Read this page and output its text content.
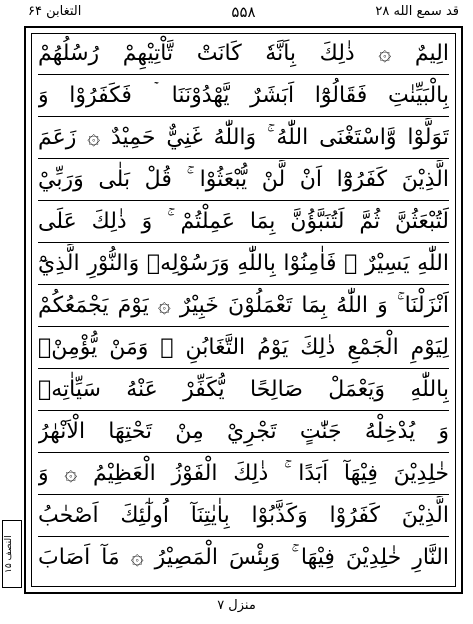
التغابن ۶۴	۵۵۸	قد سمع الله ۲۸
الِيمٌ ۞ ذٰلِكَ بِاَنَّهٗ كَانَتْ تَّاْتِيْهِمْ رُسُلُهُمْ
بِالْبَيِّنٰتِ فَقَالُوْٓا اَبَشَرٌ يَّهْدُوْنَنَا ۡ فَكَفَرُوْا وَ
تَوَلَّوْا وَّاسْتَغْنَى اللّٰهُ ۚ وَاللّٰهُ غَنِيٌّ حَمِيْدٌ ۞ زَعَمَ
الَّذِيْنَ كَفَرُوْٓا اَنْ لَّنْ يُّبْعَثُوْا ۚ قُلْ بَلٰى وَرَبِّيْ
لَتُبْعَثُنَّ ثُمَّ لَتُنَبَّؤُنَّ بِمَا عَمِلْتُمْ ۚ وَ ذٰلِكَ عَلَى
اللّٰهِ يَسِيْرٌ ۞ فَاٰمِنُوْا بِاللّٰهِ وَرَسُوْلِهٖ وَالنُّوْرِ الَّذِيْٓ
اَنْزَلْنَا ۚ وَ اللّٰهُ بِمَا تَعْمَلُوْنَ خَبِيْرٌ ۞ يَوْمَ يَجْمَعُكُمْ
لِيَوْمِ الْجَمْعِ ذٰلِكَ يَوْمُ التَّغَابُنِ ۚ وَمَنْ يُّؤْمِنْۢ
بِاللّٰهِ وَيَعْمَلْ صَالِحًا يُّكَفِّرْ عَنْهُ سَيِّاٰتِهٖ
وَ يُدْخِلْهُ جَنّٰتٍ تَجْرِيْ مِنْ تَحْتِهَا الْاَنْهٰرُ
خٰلِدِيْنَ فِيْهَآ اَبَدًا ۚ ذٰلِكَ الْفَوْزُ الْعَظِيْمُ ۞ وَ
الَّذِيْنَ كَفَرُوْا وَكَذَّبُوْا بِاٰيٰتِنَآ اُولٰٓئِكَ اَصْحٰبُ
النَّارِ خٰلِدِيْنَ فِيْهَا ۚ وَبِئْسَ الْمَصِيْرُ ۞ مَآ اَصَابَ
النصف ۱۵
منزل ۷
